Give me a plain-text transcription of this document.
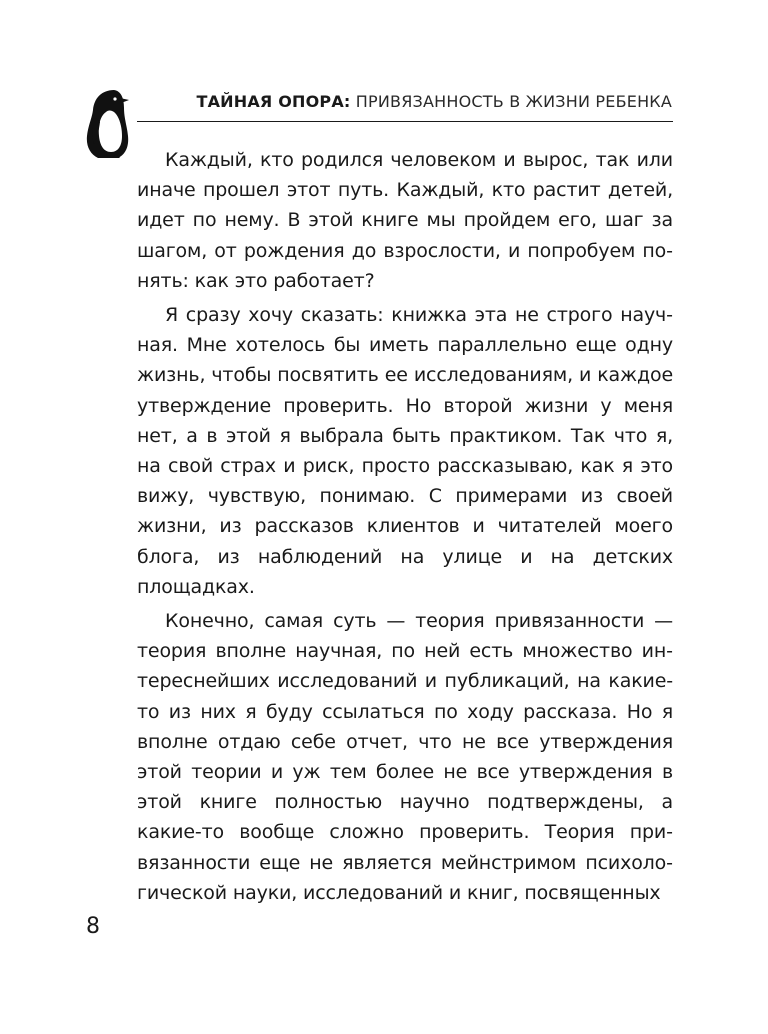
ТАЙНАЯ ОПОРА: ПРИВЯЗАННОСТЬ В ЖИЗНИ РЕБЕНКА

Каждый, кто родился человеком и вырос, так или иначе прошел этот путь. Каждый, кто растит детей, идет по нему. В этой книге мы пройдем его, шаг за шагом, от рождения до взрослости, и попробуем понять: как это работает?

Я сразу хочу сказать: книжка эта не строго научная. Мне хотелось бы иметь параллельно еще одну жизнь, чтобы посвятить ее исследованиям, и каждое утверждение проверить. Но второй жизни у меня нет, а в этой я выбрала быть практиком. Так что я, на свой страх и риск, просто рассказываю, как я это вижу, чувствую, понимаю. С примерами из своей жизни, из рассказов клиентов и читателей моего блога, из наблюдений на улице и на детских площадках.

Конечно, самая суть — теория привязанности — теория вполне научная, по ней есть множество интереснейших исследований и публикаций, на какие-то из них я буду ссылаться по ходу рассказа. Но я вполне отдаю себе отчет, что не все утверждения этой теории и уж тем более не все утверждения в этой книге полностью научно подтверждены, а какие-то вообще сложно проверить. Теория привязанности еще не является мейнстримом психологической науки, исследований и книг, посвященных

8
